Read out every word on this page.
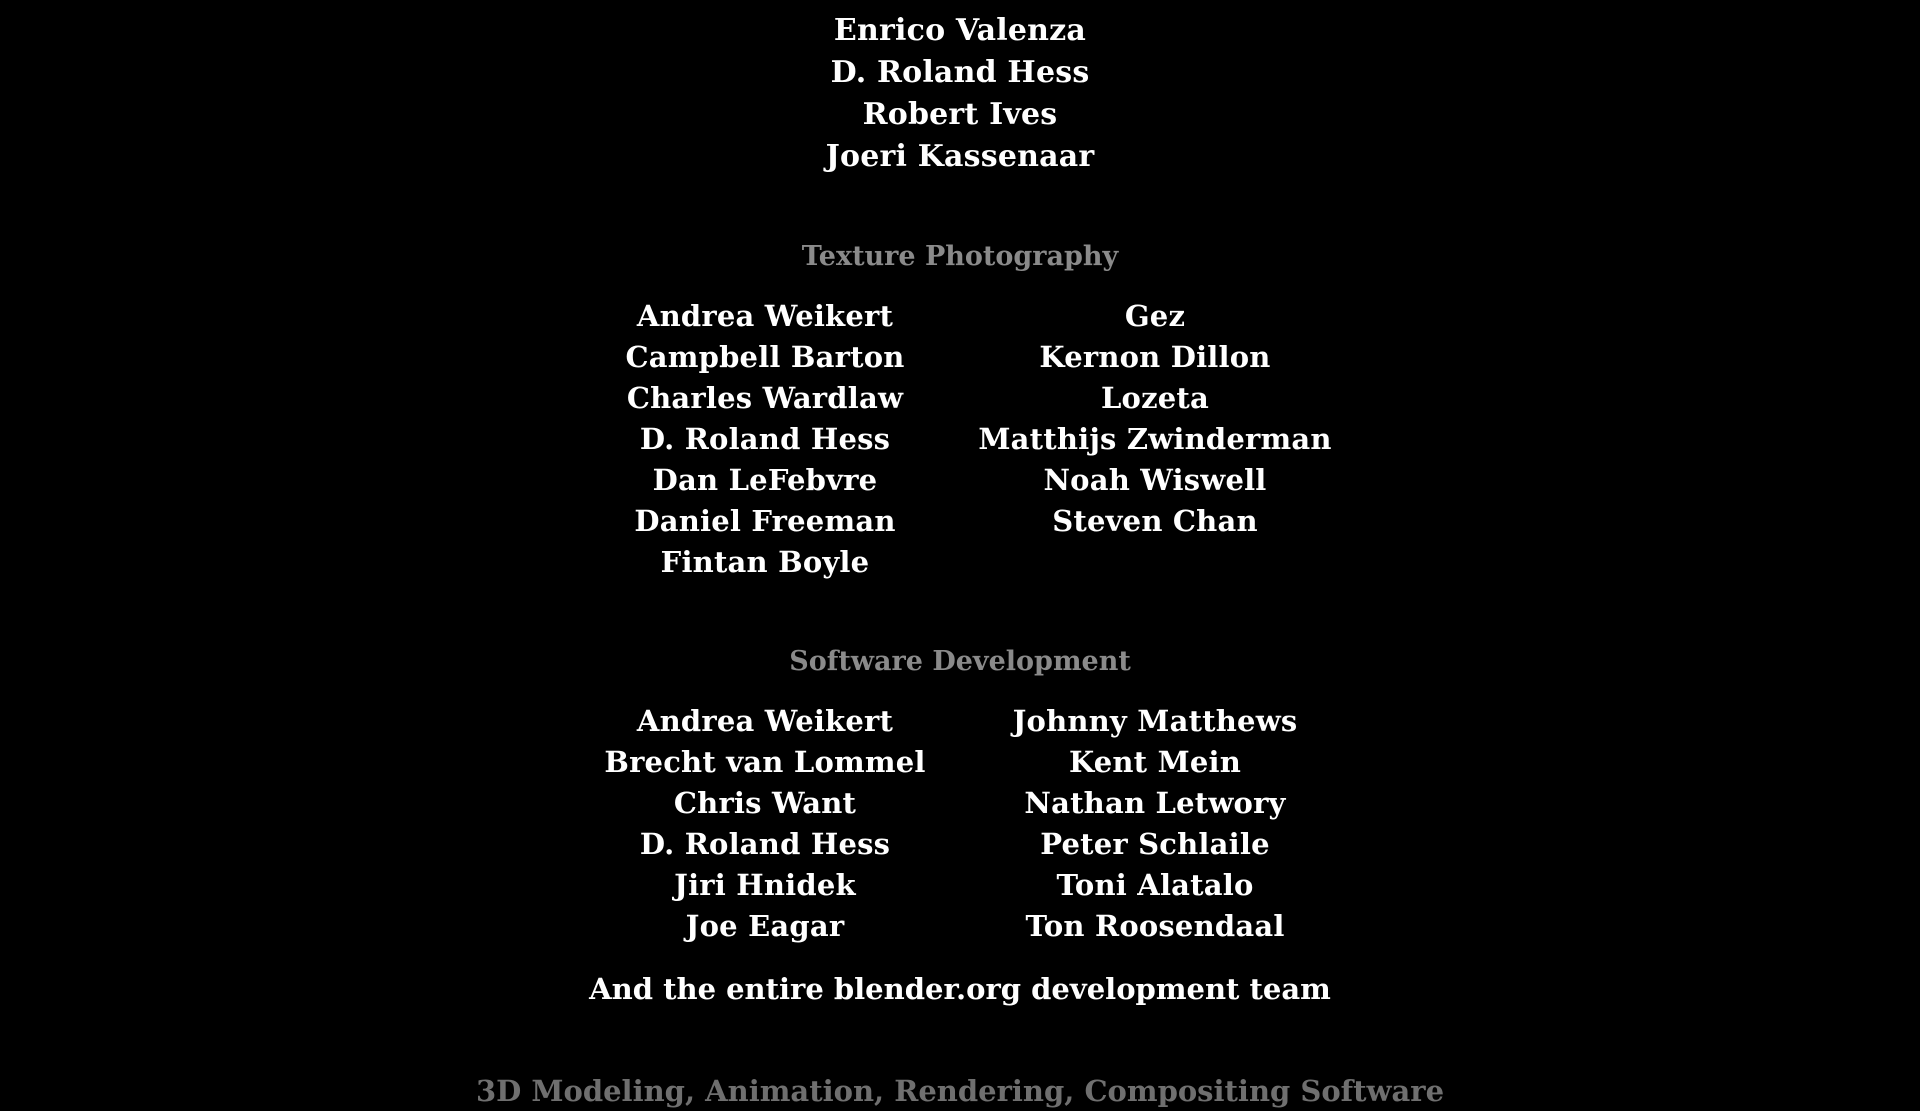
Enrico Valenza
D. Roland Hess
Robert Ives
Joeri Kassenaar
Texture Photography
Andrea Weikert
Campbell Barton
Charles Wardlaw
D. Roland Hess
Dan LeFebvre
Daniel Freeman
Fintan Boyle
Gez
Kernon Dillon
Lozeta
Matthijs Zwinderman
Noah Wiswell
Steven Chan
Software Development
Andrea Weikert
Brecht van Lommel
Chris Want
D. Roland Hess
Jiri Hnidek
Joe Eagar
Johnny Matthews
Kent Mein
Nathan Letwory
Peter Schlaile
Toni Alatalo
Ton Roosendaal
And the entire blender.org development team
3D Modeling, Animation, Rendering, Compositing Software
